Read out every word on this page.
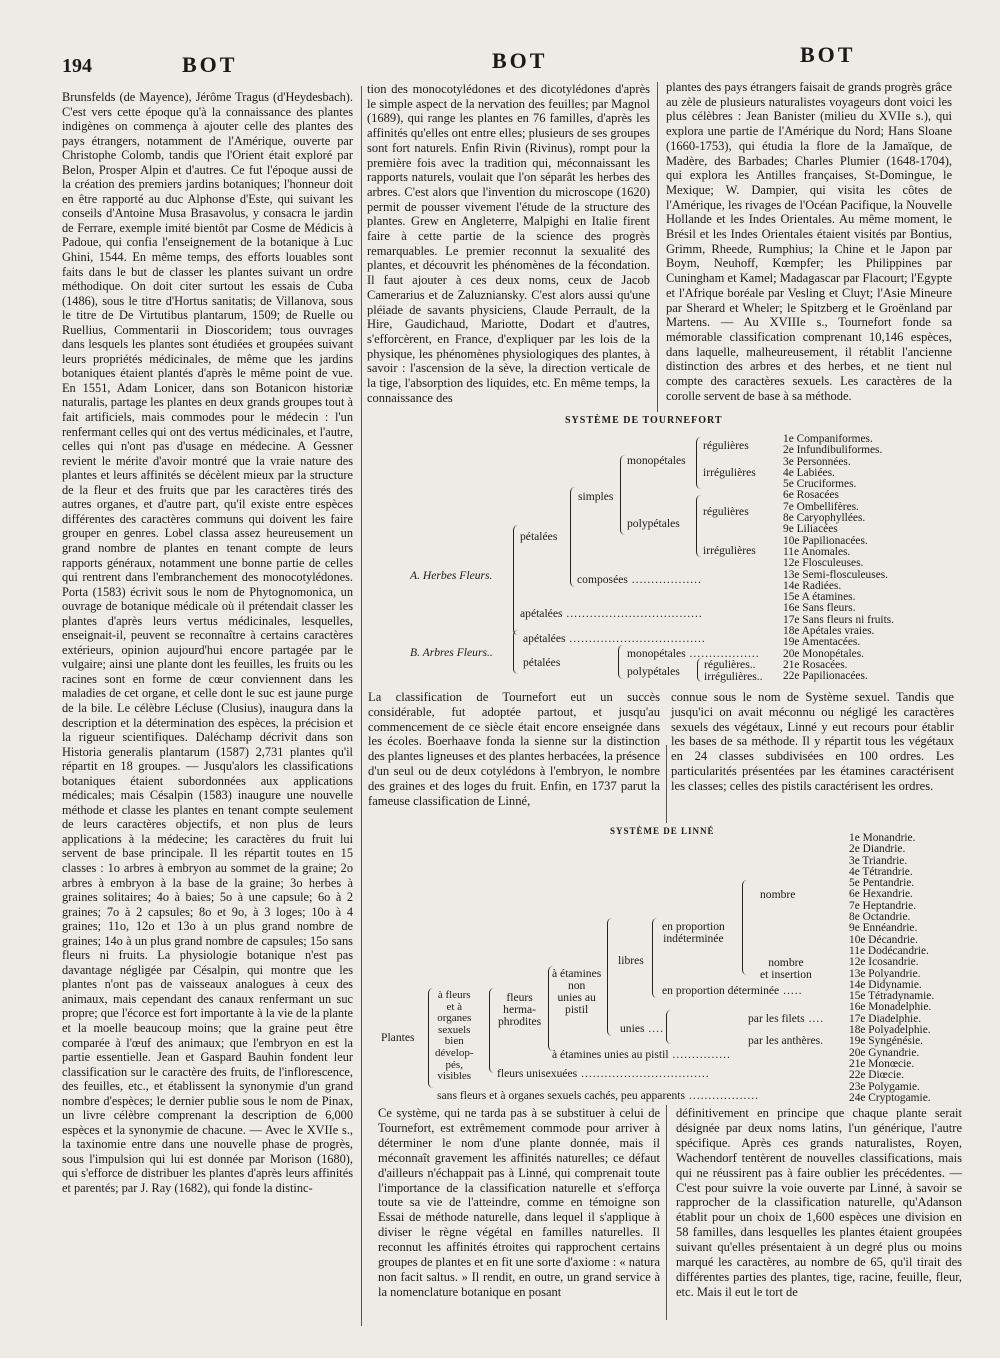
194	BOT	BOT	BOT
Brunsfelds (de Mayence), Jérôme Tragus (d'Heydesbach). C'est vers cette époque qu'à la connaissance des plantes indigènes on commença à ajouter celle des plantes des pays étrangers, notamment de l'Amérique, ouverte par Christophe Colomb, tandis que l'Orient était exploré par Belon, Prosper Alpin et d'autres. Ce fut l'époque aussi de la création des premiers jardins botaniques; l'honneur doit en être rapporté au duc Alphonse d'Este, qui suivant les conseils d'Antoine Musa Brasavolus, y consacra le jardin de Ferrare, exemple imité bientôt par Cosme de Médicis à Padoue, qui confia l'enseignement de la botanique à Luc Ghini, 1544. En même temps, des efforts louables sont faits dans le but de classer les plantes suivant un ordre méthodique. On doit citer surtout les essais de Cuba (1486), sous le titre d'Hortus sanitatis; de Villanova, sous le titre de De Virtutibus plantarum, 1509; de Ruelle ou Ruellius, Commentarii in Dioscoridem; tous ouvrages dans lesquels les plantes sont étudiées et groupées suivant leurs propriétés médicinales, de même que les jardins botaniques étaient plantés d'après le même point de vue. En 1551, Adam Lonicer, dans son Botanicon historiæ naturalis, partage les plantes en deux grands groupes tout à fait artificiels, mais commodes pour le médecin : l'un renfermant celles qui ont des vertus médicinales, et l'autre, celles qui n'ont pas d'usage en médecine. A Gessner revient le mérite d'avoir montré que la vraie nature des plantes et leurs affinités se décèlent mieux par la structure de la fleur et des fruits que par les caractères tirés des autres organes, et d'autre part, qu'il existe entre espèces différentes des caractères communs qui doivent les faire grouper en genres. Lobel classa assez heureusement un grand nombre de plantes en tenant compte de leurs rapports généraux, notamment une bonne partie de celles qui rentrent dans l'embranchement des monocotylédones. Porta (1583) écrivit sous le nom de Phytognomonica, un ouvrage de botanique médicale où il prétendait classer les plantes d'après leurs vertus médicinales, lesquelles, enseignait-il, peuvent se reconnaître à certains caractères extérieurs, opinion aujourd'hui encore partagée par le vulgaire; ainsi une plante dont les feuilles, les fruits ou les racines sont en forme de cœur conviennent dans les maladies de cet organe, et celle dont le suc est jaune purge de la bile. Le célèbre Lécluse (Clusius), inaugura dans la description et la détermination des espèces, la précision et la rigueur scientifiques. Daléchamp décrivit dans son Historia generalis plantarum (1587) 2,731 plantes qu'il répartit en 18 groupes. — Jusqu'alors les classifications botaniques étaient subordonnées aux applications médicales; mais Césalpin (1583) inaugure une nouvelle méthode et classe les plantes en tenant compte seulement de leurs caractères objectifs, et non plus de leurs applications à la médecine; les caractères du fruit lui servent de base principale. Il les répartit toutes en 15 classes : 1o arbres à embryon au sommet de la graine; 2o arbres à embryon à la base de la graine; 3o herbes à graines solitaires; 4o à baies; 5o à une capsule; 6o à 2 graines; 7o à 2 capsules; 8o et 9o, à 3 loges; 10o à 4 graines; 11o, 12o et 13o à un plus grand nombre de graines; 14o à un plus grand nombre de capsules; 15o sans fleurs ni fruits. La physiologie botanique n'est pas davantage négligée par Césalpin, qui montre que les plantes n'ont pas de vaisseaux analogues à ceux des animaux, mais cependant des canaux renfermant un suc propre; que l'écorce est fort importante à la vie de la plante et la moelle beaucoup moins; que la graine peut être comparée à l'œuf des animaux; que l'embryon en est la partie essentielle. Jean et Gaspard Bauhin fondent leur classification sur le caractère des fruits, de l'inflorescence, des feuilles, etc., et établissent la synonymie d'un grand nombre d'espèces; le dernier publie sous le nom de Pinax, un livre célèbre comprenant la description de 6,000 espèces et la synonymie de chacune. — Avec le XVIIe s., la taxinomie entre dans une nouvelle phase de progrès, sous l'impulsion qui lui est donnée par Morison (1680), qui s'efforce de distribuer les plantes d'après leurs affinités et parentés; par J. Ray (1682), qui fonde la distinc-
tion des monocotylédones et des dicotylédones d'après le simple aspect de la nervation des feuilles; par Magnol (1689), qui range les plantes en 76 familles, d'après les affinités qu'elles ont entre elles; plusieurs de ses groupes sont fort naturels. Enfin Rivin (Rivinus), rompt pour la première fois avec la tradition qui, méconnaissant les rapports naturels, voulait que l'on séparât les herbes des arbres. C'est alors que l'invention du microscope (1620) permit de pousser vivement l'étude de la structure des plantes. Grew en Angleterre, Malpighi en Italie firent faire à cette partie de la science des progrès remarquables. Le premier reconnut la sexualité des plantes, et découvrit les phénomènes de la fécondation. Il faut ajouter à ces deux noms, ceux de Jacob Camerarius et de Zaluzniansky. C'est alors aussi qu'une pléiade de savants physiciens, Claude Perrault, de la Hire, Gaudichaud, Mariotte, Dodart et d'autres, s'efforcèrent, en France, d'expliquer par les lois de la physique, les phénomènes physiologiques des plantes, à savoir : l'ascension de la sève, la direction verticale de la tige, l'absorption des liquides, etc. En même temps, la connaissance des
plantes des pays étrangers faisait de grands progrès grâce au zèle de plusieurs naturalistes voyageurs dont voici les plus célèbres : Jean Banister (milieu du XVIIe s.), qui explora une partie de l'Amérique du Nord; Hans Sloane (1660-1753), qui étudia la flore de la Jamaïque, de Madère, des Barbades; Charles Plumier (1648-1704), qui explora les Antilles françaises, St-Domingue, le Mexique; W. Dampier, qui visita les côtes de l'Amérique, les rivages de l'Océan Pacifique, la Nouvelle Hollande et les Indes Orientales. Au même moment, le Brésil et les Indes Orientales étaient visités par Bontius, Grimm, Rheede, Rumphius; la Chine et le Japon par Boym, Neuhoff, Kœmpfer; les Philippines par Cuningham et Kamel; Madagascar par Flacourt; l'Egypte et l'Afrique boréale par Vesling et Cluyt; l'Asie Mineure par Sherard et Wheler; le Spitzberg et le Groënland par Martens. — Au XVIIIe s., Tournefort fonde sa mémorable classification comprenant 10,146 espèces, dans laquelle, malheureusement, il rétablit l'ancienne distinction des arbres et des herbes, et ne tient nul compte des caractères sexuels. Les caractères de la corolle servent de base à sa méthode.
SYSTÈME DE TOURNEFORT
A. Herbes Fleurs.
pétalées
simples
monopétales
régulières
irrégulières
polypétales
régulières
irrégulières
composées ..................
apétalées ...................................
B. Arbres Fleurs..
apétalées ...................................
pétalées
monopétales ..................
polypétales
régulières..
irrégulières..
1e Companiformes.
2e Infundibuliformes.
3e Personnées.
4e Labiées.
5e Cruciformes.
6e Rosacées
7e Ombellifères.
8e Caryophyllées.
9e Liliacées
10e Papilionacées.
11e Anomales.
12e Flosculeuses.
13e Semi-flosculeuses.
14e Radiées.
15e A étamines.
16e Sans fleurs.
17e Sans fleurs ni fruits.
18e Apétales vraies.
19e Amentacées.
20e Monopétales.
21e Rosacées.
22e Papilionacées.
La classification de Tournefort eut un succès considérable, fut adoptée partout, et jusqu'au commencement de ce siècle était encore enseignée dans les écoles. Boerhaave fonda la sienne sur la distinction des plantes ligneuses et des plantes herbacées, la présence d'un seul ou de deux cotylédons à l'embryon, le nombre des graines et des loges du fruit. Enfin, en 1737 parut la fameuse classification de Linné,
connue sous le nom de Système sexuel. Tandis que jusqu'ici on avait méconnu ou négligé les caractères sexuels des végétaux, Linné y eut recours pour établir les bases de sa méthode. Il y répartit tous les végétaux en 24 classes subdivisées en 100 ordres. Les particularités présentées par les étamines caractérisent les classes; celles des pistils caractérisent les ordres.
SYSTÈME DE LINNÉ
Plantes
à fleurs
et à
organes
sexuels
bien
dévelop-
pés,
visibles
fleurs
herma-
phrodites
à étamines
non
unies au
pistil
libres
en proportion
indéterminée
nombre
nombre
et insertion
en proportion déterminée .....
unies ....
par les filets ....
par les anthères.
à étamines unies au pistil ...............
fleurs unisexuées .................................
sans fleurs et à organes sexuels cachés, peu apparents ..................
1e Monandrie.
2e Diandrie.
3e Triandrie.
4e Tétrandrie.
5e Pentandrie.
6e Hexandrie.
7e Heptandrie.
8e Octandrie.
9e Ennéandrie.
10e Décandrie.
11e Dodécandrie.
12e Icosandrie.
13e Polyandrie.
14e Didynamie.
15e Tétradynamie.
16e Monadelphie.
17e Diadelphie.
18e Polyadelphie.
19e Syngénésie.
20e Gynandrie.
21e Monœcie.
22e Diœcie.
23e Polygamie.
24e Cryptogamie.
Ce système, qui ne tarda pas à se substituer à celui de Tournefort, est extrêmement commode pour arriver à déterminer le nom d'une plante donnée, mais il méconnaît gravement les affinités naturelles; ce défaut d'ailleurs n'échappait pas à Linné, qui comprenait toute l'importance de la classification naturelle et s'efforça toute sa vie de l'atteindre, comme en témoigne son Essai de méthode naturelle, dans lequel il s'applique à diviser le règne végétal en familles naturelles. Il reconnut les affinités étroites qui rapprochent certains groupes de plantes et en fit une sorte d'axiome : « natura non facit saltus. » Il rendit, en outre, un grand service à la nomenclature botanique en posant
définitivement en principe que chaque plante serait désignée par deux noms latins, l'un générique, l'autre spécifique. Après ces grands naturalistes, Royen, Wachendorf tentèrent de nouvelles classifications, mais qui ne réussirent pas à faire oublier les précédentes. — C'est pour suivre la voie ouverte par Linné, à savoir se rapprocher de la classification naturelle, qu'Adanson établit pour un choix de 1,600 espèces une division en 58 familles, dans lesquelles les plantes étaient groupées suivant qu'elles présentaient à un degré plus ou moins marqué les caractères, au nombre de 65, qu'il tirait des différentes parties des plantes, tige, racine, feuille, fleur, etc. Mais il eut le tort de
